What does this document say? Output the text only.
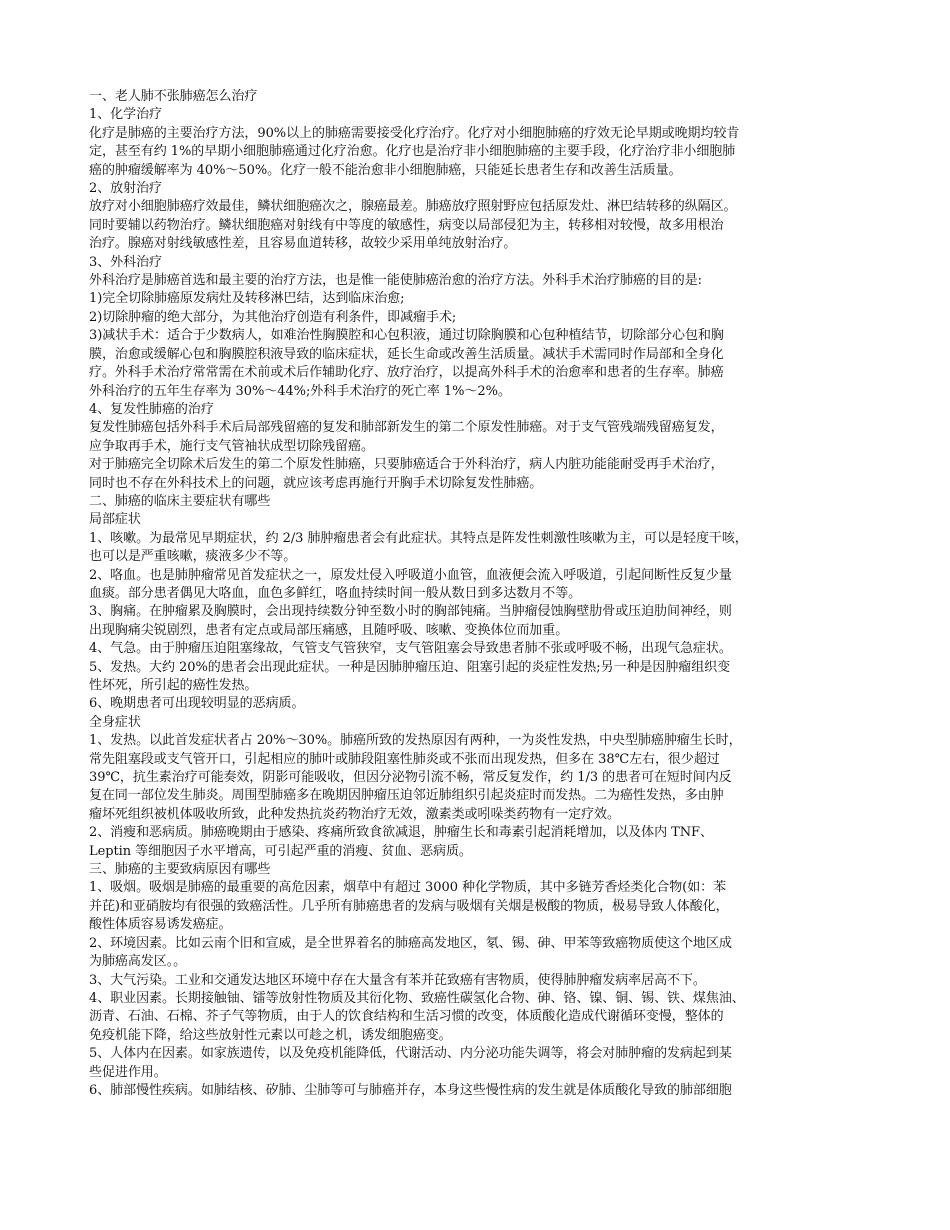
一、老人肺不张肺癌怎么治疗
1、化学治疗
化疗是肺癌的主要治疗方法，90%以上的肺癌需要接受化疗治疗。化疗对小细胞肺癌的疗效无论早期或晚期均较肯
定，甚至有约 1%的早期小细胞肺癌通过化疗治愈。化疗也是治疗非小细胞肺癌的主要手段，化疗治疗非小细胞肺
癌的肿瘤缓解率为 40%～50%。化疗一般不能治愈非小细胞肺癌，只能延长患者生存和改善生活质量。
2、放射治疗
放疗对小细胞肺癌疗效最佳，鳞状细胞癌次之，腺癌最差。肺癌放疗照射野应包括原发灶、淋巴结转移的纵隔区。
同时要辅以药物治疗。鳞状细胞癌对射线有中等度的敏感性，病变以局部侵犯为主，转移相对较慢，故多用根治
治疗。腺癌对射线敏感性差，且容易血道转移，故较少采用单纯放射治疗。
3、外科治疗
外科治疗是肺癌首选和最主要的治疗方法，也是惟一能使肺癌治愈的治疗方法。外科手术治疗肺癌的目的是:
1)完全切除肺癌原发病灶及转移淋巴结，达到临床治愈;
2)切除肿瘤的绝大部分，为其他治疗创造有利条件，即减瘤手术;
3)减状手术：适合于少数病人，如难治性胸膜腔和心包积液，通过切除胸膜和心包种植结节，切除部分心包和胸
膜，治愈或缓解心包和胸膜腔积液导致的临床症状，延长生命或改善生活质量。减状手术需同时作局部和全身化
疗。外科手术治疗常常需在术前或术后作辅助化疗、放疗治疗，以提高外科手术的治愈率和患者的生存率。肺癌
外科治疗的五年生存率为 30%～44%;外科手术治疗的死亡率 1%～2%。
4、复发性肺癌的治疗
复发性肺癌包括外科手术后局部残留癌的复发和肺部新发生的第二个原发性肺癌。对于支气管残端残留癌复发，
应争取再手术，施行支气管袖状成型切除残留癌。
对于肺癌完全切除术后发生的第二个原发性肺癌，只要肺癌适合于外科治疗，病人内脏功能能耐受再手术治疗，
同时也不存在外科技术上的问题，就应该考虑再施行开胸手术切除复发性肺癌。
二、肺癌的临床主要症状有哪些
局部症状
1、咳嗽。为最常见早期症状，约 2/3 肺肿瘤患者会有此症状。其特点是阵发性刺激性咳嗽为主，可以是轻度干咳，
也可以是严重咳嗽，痰液多少不等。
2、咯血。也是肺肿瘤常见首发症状之一，原发灶侵入呼吸道小血管，血液便会流入呼吸道，引起间断性反复少量
血痰。部分患者偶见大咯血，血色多鲜红，咯血持续时间一般从数日到多达数月不等。
3、胸痛。在肿瘤累及胸膜时，会出现持续数分钟至数小时的胸部钝痛。当肿瘤侵蚀胸壁肋骨或压迫肋间神经，则
出现胸痛尖锐剧烈，患者有定点或局部压痛感，且随呼吸、咳嗽、变换体位而加重。
4、气急。由于肿瘤压迫阻塞缘故，气管支气管狭窄，支气管阻塞会导致患者肺不张或呼吸不畅，出现气急症状。
5、发热。大约 20%的患者会出现此症状。一种是因肺肿瘤压迫、阻塞引起的炎症性发热;另一种是因肿瘤组织变
性坏死，所引起的癌性发热。
6、晚期患者可出现较明显的恶病质。
全身症状
1、发热。以此首发症状者占 20%～30%。肺癌所致的发热原因有两种，一为炎性发热，中央型肺癌肿瘤生长时，
常先阻塞段或支气管开口，引起相应的肺叶或肺段阻塞性肺炎或不张而出现发热，但多在 38℃左右，很少超过
39℃，抗生素治疗可能奏效，阴影可能吸收，但因分泌物引流不畅，常反复发作，约 1/3 的患者可在短时间内反
复在同一部位发生肺炎。周围型肺癌多在晚期因肿瘤压迫邻近肺组织引起炎症时而发热。二为癌性发热，多由肿
瘤坏死组织被机体吸收所致，此种发热抗炎药物治疗无效，激素类或吲哚类药物有一定疗效。
2、消瘦和恶病质。肺癌晚期由于感染、疼痛所致食欲减退，肿瘤生长和毒素引起消耗增加，以及体内 TNF、
Leptin 等细胞因子水平增高，可引起严重的消瘦、贫血、恶病质。
三、肺癌的主要致病原因有哪些
1、吸烟。吸烟是肺癌的最重要的高危因素，烟草中有超过 3000 种化学物质，其中多链芳香烃类化合物(如：苯
并芘)和亚硝胺均有很强的致癌活性。几乎所有肺癌患者的发病与吸烟有关烟是极酸的物质，极易导致人体酸化，
酸性体质容易诱发癌症。
2、环境因素。比如云南个旧和宣威，是全世界着名的肺癌高发地区，氡、锡、砷、甲苯等致癌物质使这个地区成
为肺癌高发区。。
3、大气污染。工业和交通发达地区环境中存在大量含有苯并芘致癌有害物质，使得肺肿瘤发病率居高不下。
4、职业因素。长期接触铀、镭等放射性物质及其衍化物、致癌性碳氢化合物、砷、铬、镍、铜、锡、铁、煤焦油、
沥青、石油、石棉、芥子气等物质，由于人的饮食结构和生活习惯的改变，体质酸化造成代谢循环变慢，整体的
免疫机能下降，给这些放射性元素以可趁之机，诱发细胞癌变。
5、人体内在因素。如家族遗传，以及免疫机能降低，代谢活动、内分泌功能失调等，将会对肺肿瘤的发病起到某
些促进作用。
6、肺部慢性疾病。如肺结核、矽肺、尘肺等可与肺癌并存，本身这些慢性病的发生就是体质酸化导致的肺部细胞
